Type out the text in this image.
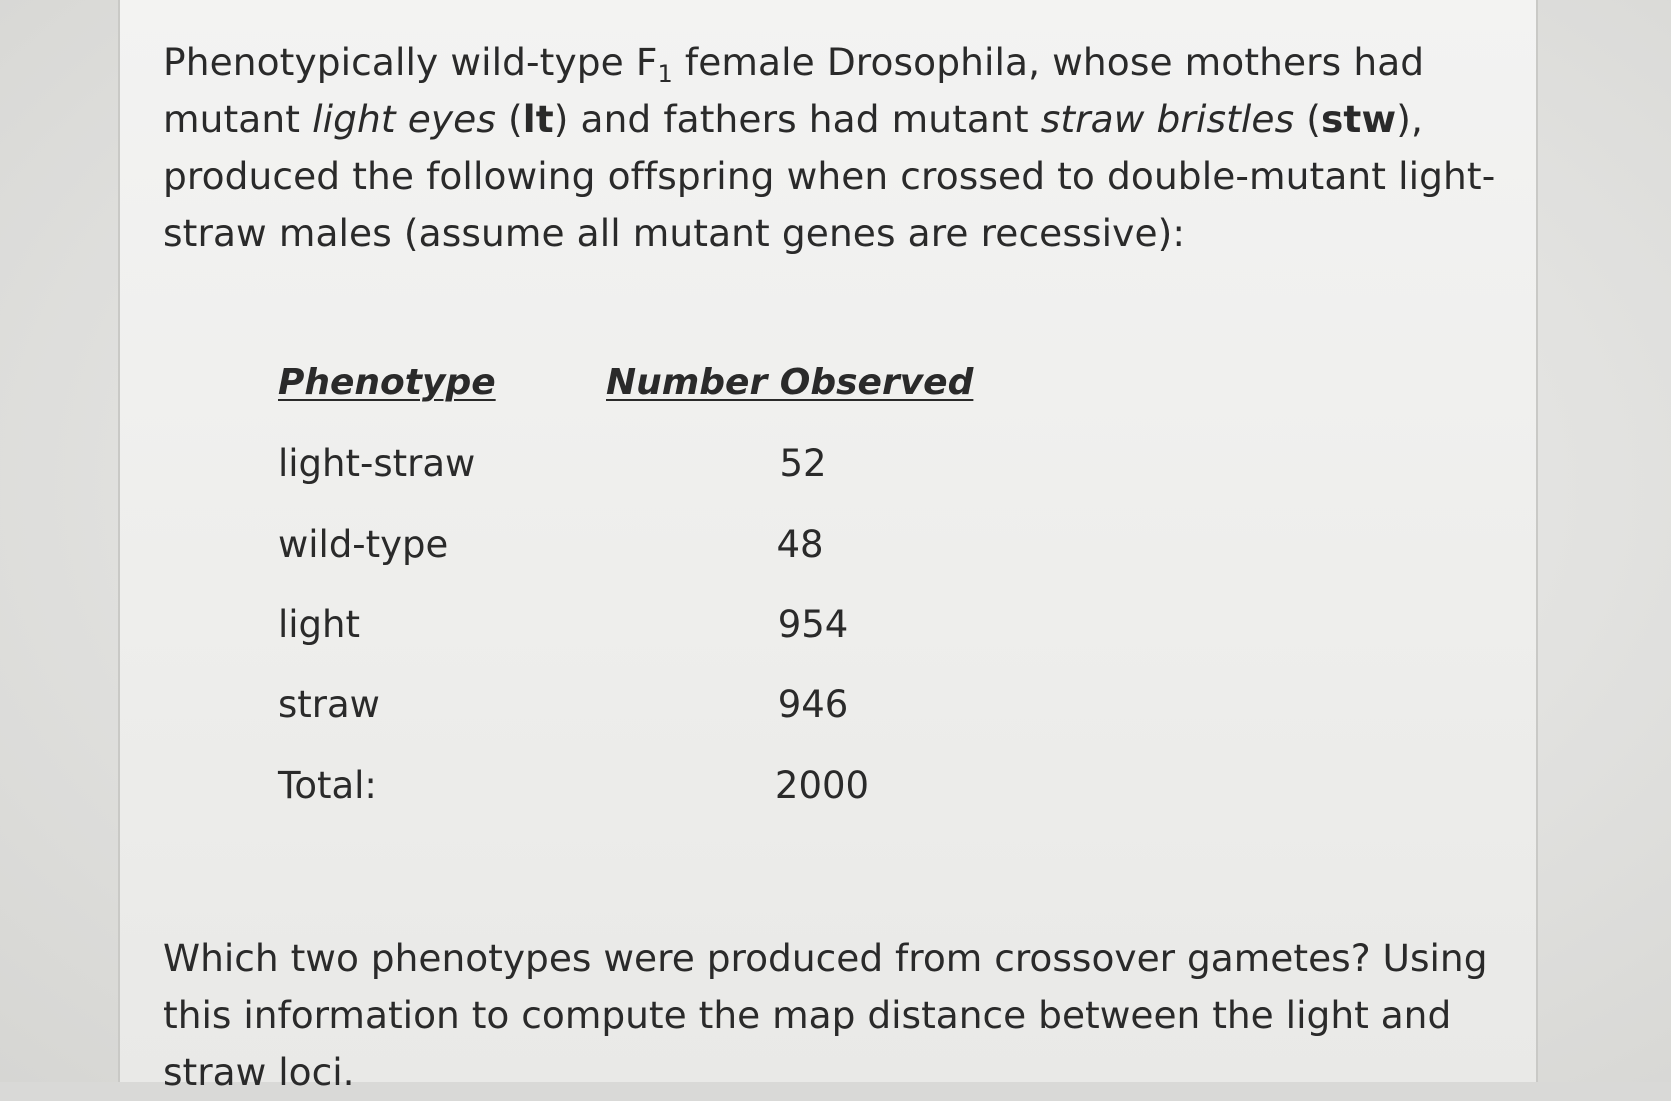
Phenotypically wild-type $F_1$ female Drosophila, whose mothers had mutant light eyes (lt) and fathers had mutant straw bristles (stw), produced the following offspring when crossed to double-mutant light-straw males (assume all mutant genes are recessive):

Phenotype	Number Observed
light-straw	52
wild-type	48
light	954
straw	946
Total:	2000

Which two phenotypes were produced from crossover gametes? Using this information to compute the map distance between the light and straw loci.
